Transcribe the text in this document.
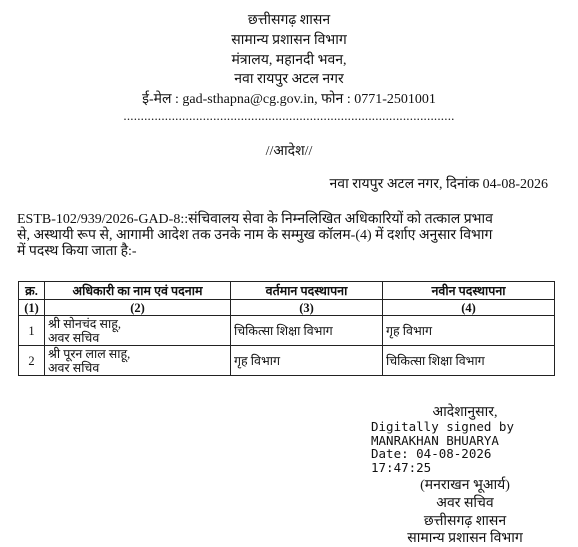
छत्तीसगढ़ शासन
सामान्य प्रशासन विभाग
मंत्रालय, महानदी भवन,
नवा रायपुर अटल नगर
ई-मेल : gad-sthapna@cg.gov.in, फोन : 0771-2501001
................................................................................................
//आदेश//
नवा रायपुर अटल नगर, दिनांक 04-08-2026
ESTB-102/939/2026-GAD-8::संचिवालय सेवा के निम्नलिखित अधिकारियों को तत्काल प्रभाव
से, अस्थायी रूप से, आगामी आदेश तक उनके नाम के सम्मुख कॉलम-(4) में दर्शाए अनुसार विभाग
में पदस्थ किया जाता है:-
क्र.	अधिकारी का नाम एवं पदनाम	वर्तमान पदस्थापना	नवीन पदस्थापना
(1)	(2)	(3)	(4)
1	श्री सोनचंद साहू,
अवर सचिव	चिकित्सा शिक्षा विभाग	गृह विभाग
2	श्री पूरन लाल साहू,
अवर सचिव	गृह विभाग	चिकित्सा शिक्षा विभाग
आदेशानुसार,
Digitally signed by
MANRAKHAN BHUARYA
Date: 04-08-2026
17:47:25
(मनराखन भूआर्य)
अवर सचिव
छत्तीसगढ़ शासन
सामान्य प्रशासन विभाग
